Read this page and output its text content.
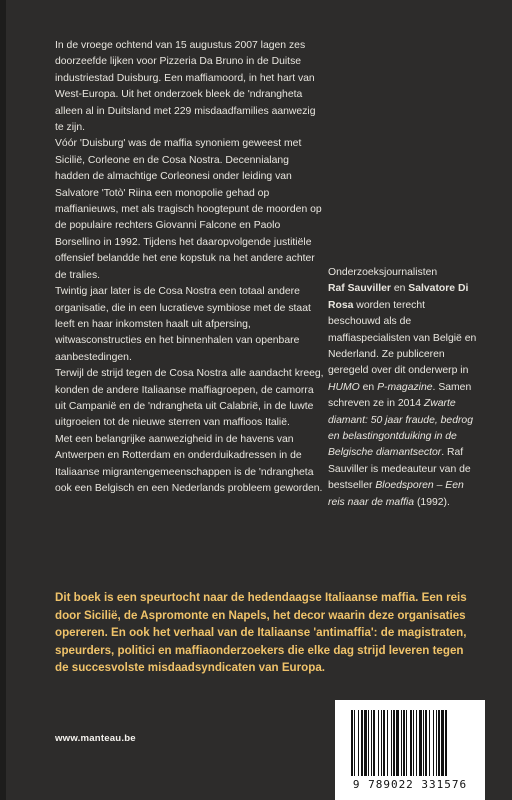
In de vroege ochtend van 15 augustus 2007 lagen zes doorzeefde lijken voor Pizzeria Da Bruno in de Duitse industriestad Duisburg. Een maffiamoord, in het hart van West-Europa. Uit het onderzoek bleek de 'ndrangheta alleen al in Duitsland met 229 misdaadfamilies aanwezig te zijn.

Vóór 'Duisburg' was de maffia synoniem geweest met Sicilië, Corleone en de Cosa Nostra. Decennialang hadden de almachtige Corleonesi onder leiding van Salvatore 'Totò' Riina een monopolie gehad op maffianieuws, met als tragisch hoogtepunt de moorden op de populaire rechters Giovanni Falcone en Paolo Borsellino in 1992. Tijdens het daaropvolgende justitiële offensief belandde het ene kopstuk na het andere achter de tralies.

Twintig jaar later is de Cosa Nostra een totaal andere organisatie, die in een lucratieve symbiose met de staat leeft en haar inkomsten haalt uit afpersing, witwasconstructies en het binnenhalen van openbare aanbestedingen.

Terwijl de strijd tegen de Cosa Nostra alle aandacht kreeg, konden de andere Italiaanse maffiagroepen, de camorra uit Campanië en de 'ndrangheta uit Calabrië, in de luwte uitgroeien tot de nieuwe sterren van maffioos Italië.

Met een belangrijke aanwezigheid in de havens van Antwerpen en Rotterdam en onderduikadressen in de Italiaanse migrantengemeenschappen is de 'ndrangheta ook een Belgisch en een Nederlands probleem geworden.

Onderzoeksjournalisten
Raf Sauviller en Salvatore Di Rosa worden terecht beschouwd als de maffiaspecialisten van België en Nederland. Ze publiceren geregeld over dit onderwerp in HUMO en P-magazine. Samen schreven ze in 2014 Zwarte diamant: 50 jaar fraude, bedrog en belastingontduiking in de Belgische diamantsector. Raf Sauviller is medeauteur van de bestseller Bloedsporen – Een reis naar de maffia (1992).
Dit boek is een speurtocht naar de hedendaagse Italiaanse maffia. Een reis door Sicilië, de Aspromonte en Napels, het decor waarin deze organisaties opereren. En ook het verhaal van de Italiaanse 'antimaffia': de magistraten, speurders, politici en maffiaonderzoekers die elke dag strijd leveren tegen de succesvolste misdaadsyndicaten van Europa.
www.manteau.be
9 789022 331576
